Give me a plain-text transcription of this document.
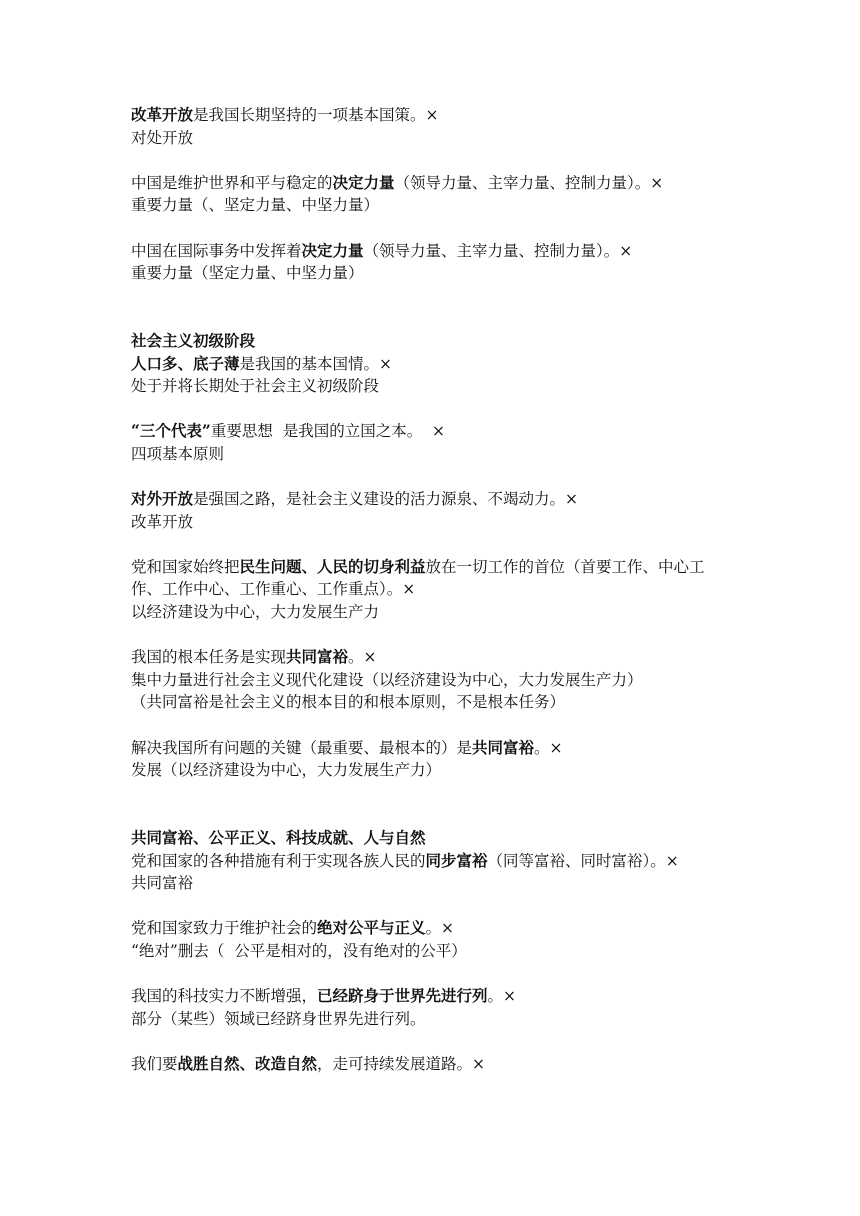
改革开放是我国长期坚持的一项基本国策。×
对处开放
中国是维护世界和平与稳定的决定力量（领导力量、主宰力量、控制力量）。×
重要力量（、坚定力量、中坚力量）
中国在国际事务中发挥着决定力量（领导力量、主宰力量、控制力量）。×
重要力量（坚定力量、中坚力量）
社会主义初级阶段
人口多、底子薄是我国的基本国情。×
处于并将长期处于社会主义初级阶段
“三个代表”重要思想  是我国的立国之本。  ×
四项基本原则
对外开放是强国之路，是社会主义建设的活力源泉、不竭动力。×
改革开放
党和国家始终把民生问题、人民的切身利益放在一切工作的首位（首要工作、中心工作、工作中心、工作重心、工作重点）。×
以经济建设为中心，大力发展生产力
我国的根本任务是实现共同富裕。×
集中力量进行社会主义现代化建设（以经济建设为中心，大力发展生产力）
（共同富裕是社会主义的根本目的和根本原则，不是根本任务）
解决我国所有问题的关键（最重要、最根本的）是共同富裕。×
发展（以经济建设为中心，大力发展生产力）
共同富裕、公平正义、科技成就、人与自然
党和国家的各种措施有利于实现各族人民的同步富裕（同等富裕、同时富裕）。×
共同富裕
党和国家致力于维护社会的绝对公平与正义。×
“绝对”删去（  公平是相对的，没有绝对的公平）
我国的科技实力不断增强，已经跻身于世界先进行列。×
部分（某些）领域已经跻身世界先进行列。
我们要战胜自然、改造自然，走可持续发展道路。×
